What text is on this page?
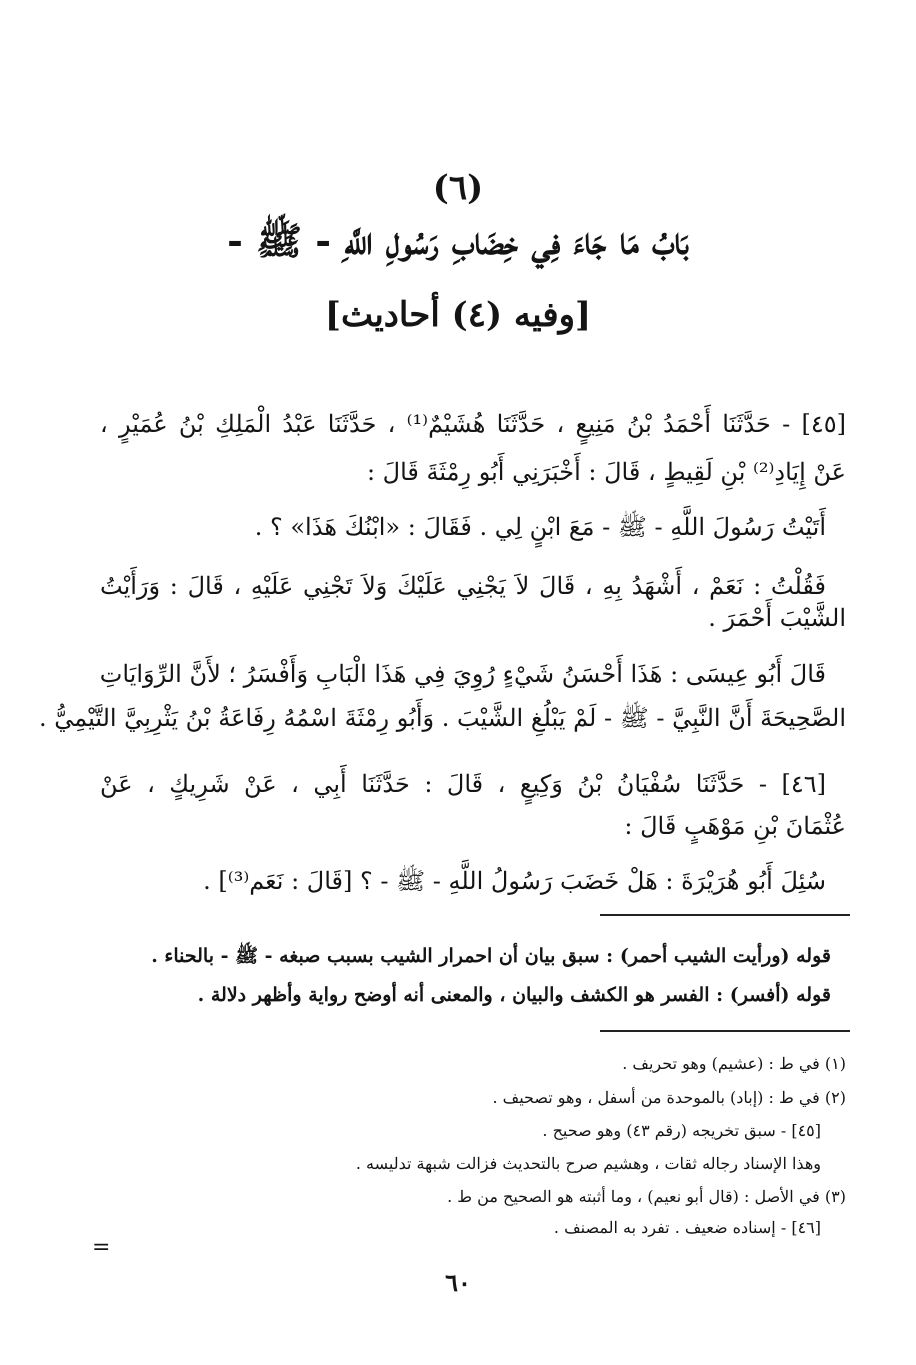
(٦)
بَابُ مَا جَاءَ فِي خِضَابِ رَسُولِ اللَّهِ - ﷺ -
[وفيه (٤) أحاديث]
[٤٥] - حَدَّثَنَا أَحْمَدُ بْنُ مَنِيعٍ ، حَدَّثَنَا هُشَيْمٌ⁽¹⁾ ، حَدَّثَنَا عَبْدُ الْمَلِكِ بْنُ عُمَيْرٍ ،
عَنْ إِيَادِ⁽²⁾ بْنِ لَقِيطٍ ، قَالَ : أَخْبَرَنِي أَبُو رِمْثَةَ قَالَ :
أَتَيْتُ رَسُولَ اللَّهِ - ﷺ - مَعَ ابْنٍ لِي . فَقَالَ : «ابْنُكَ هَذَا» ؟ .
فَقُلْتُ : نَعَمْ ، أَشْهَدُ بِهِ ، قَالَ لاَ يَجْنِي عَلَيْكَ وَلاَ تَجْنِي عَلَيْهِ ، قَالَ : وَرَأَيْتُ
الشَّيْبَ أَحْمَرَ .
قَالَ أَبُو عِيسَى : هَذَا أَحْسَنُ شَيْءٍ رُوِيَ فِي هَذَا الْبَابِ وَأَفْسَرُ ؛ لأَنَّ الرِّوَايَاتِ
الصَّحِيحَةَ أَنَّ النَّبِيَّ - ﷺ - لَمْ يَبْلُغِ الشَّيْبَ . وَأَبُو رِمْثَةَ اسْمُهُ رِفَاعَةُ بْنُ يَثْرِبِيَّ التَّيْمِيُّ .
[٤٦] - حَدَّثَنَا سُفْيَانُ بْنُ وَكِيعٍ ، قَالَ : حَدَّثَنَا أَبِي ، عَنْ شَرِيكٍ ، عَنْ
عُثْمَانَ بْنِ مَوْهَبٍ قَالَ :
سُئِلَ أَبُو هُرَيْرَةَ : هَلْ خَضَبَ رَسُولُ اللَّهِ - ﷺ - ؟ [قَالَ : نَعَم⁽³⁾] .
قوله (ورأيت الشيب أحمر) : سبق بيان أن احمرار الشيب بسبب صبغه - ﷺ - بالحناء .
قوله (أفسر) : الفسر هو الكشف والبيان ، والمعنى أنه أوضح رواية وأظهر دلالة .
(١) في ط : (عشيم) وهو تحريف .
(٢) في ط : (إباد) بالموحدة من أسفل ، وهو تصحيف .
[٤٥] - سبق تخريجه (رقم ٤٣) وهو صحيح .
وهذا الإسناد رجاله ثقات ، وهشيم صرح بالتحديث فزالت شبهة تدليسه .
(٣) في الأصل : (قال أبو نعيم) ، وما أثبته هو الصحيح من ط .
[٤٦] - إسناده ضعيف . تفرد به المصنف .
=
٦٠
